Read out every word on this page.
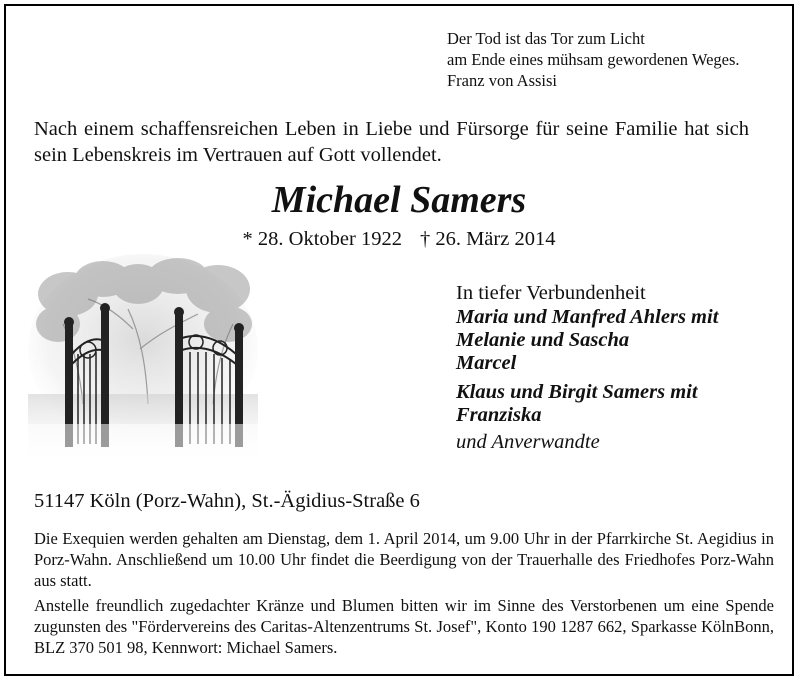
Der Tod ist das Tor zum Licht
am Ende eines mühsam gewordenen Weges.
Franz von Assisi
Nach einem schaffensreichen Leben in Liebe und Fürsorge für seine Familie hat sich sein Lebenskreis im Vertrauen auf Gott vollendet.
Michael Samers
* 28. Oktober 1922 † 26. März 2014
In tiefer Verbundenheit
Maria und Manfred Ahlers mit
Melanie und Sascha
Marcel
Klaus und Birgit Samers mit
Franziska
und Anverwandte
51147 Köln (Porz-Wahn), St.-Ägidius-Straße 6
Die Exequien werden gehalten am Dienstag, dem 1. April 2014, um 9.00 Uhr in der Pfarrkirche St. Aegidius in Porz-Wahn. Anschließend um 10.00 Uhr findet die Beerdigung von der Trauerhalle des Friedhofes Porz-Wahn aus statt.
Anstelle freundlich zugedachter Kränze und Blumen bitten wir im Sinne des Verstorbenen um eine Spende zugunsten des "Fördervereins des Caritas-Altenzentrums St. Josef", Konto 190 1287 662, Sparkasse KölnBonn, BLZ 370 501 98, Kennwort: Michael Samers.
